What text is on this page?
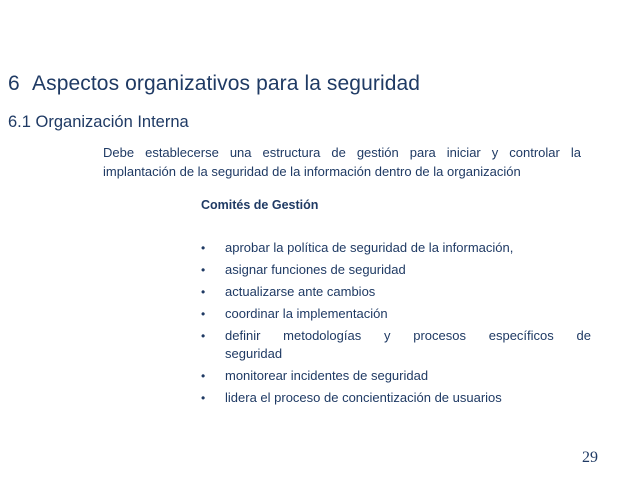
6 Aspectos organizativos para la seguridad
6.1 Organización Interna
Debe establecerse una estructura de gestión para iniciar y controlar la implantación de la seguridad de la información dentro de la organización
Comités de Gestión
• aprobar la política de seguridad de la información,
• asignar funciones de seguridad
• actualizarse ante cambios
• coordinar la implementación
• definir metodologías y procesos específicos de
seguridad
• monitorear incidentes de seguridad
• lidera el proceso de concientización de usuarios
29
